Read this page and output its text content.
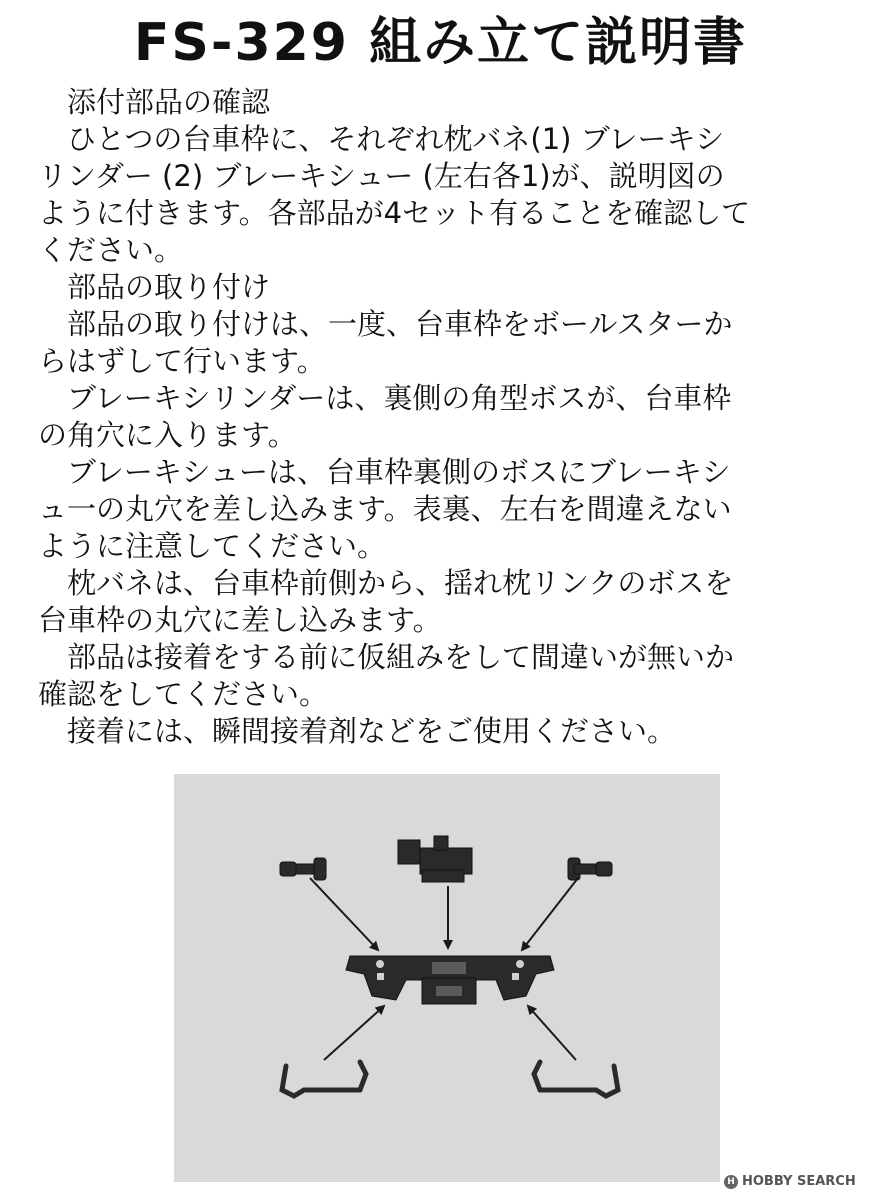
FS-329 組み立て説明書
　添付部品の確認
　ひとつの台車枠に、それぞれ枕バネ(1) ブレーキシ
リンダー (2) ブレーキシュー (左右各1)が、説明図の
ように付きます。各部品が4セット有ることを確認して
ください。
　部品の取り付け
　部品の取り付けは、一度、台車枠をボールスターか
らはずして行います。
　ブレーキシリンダーは、裏側の角型ボスが、台車枠
の角穴に入ります。
　ブレーキシューは、台車枠裏側のボスにブレーキシ
ュ一の丸穴を差し込みます。表裏、左右を間違えない
ように注意してください。
　枕バネは、台車枠前側から、揺れ枕リンクのボスを
台車枠の丸穴に差し込みます。
　部品は接着をする前に仮組みをして間違いが無いか
確認をしてください。
　接着には、瞬間接着剤などをご使用ください。
H HOBBY SEARCH
